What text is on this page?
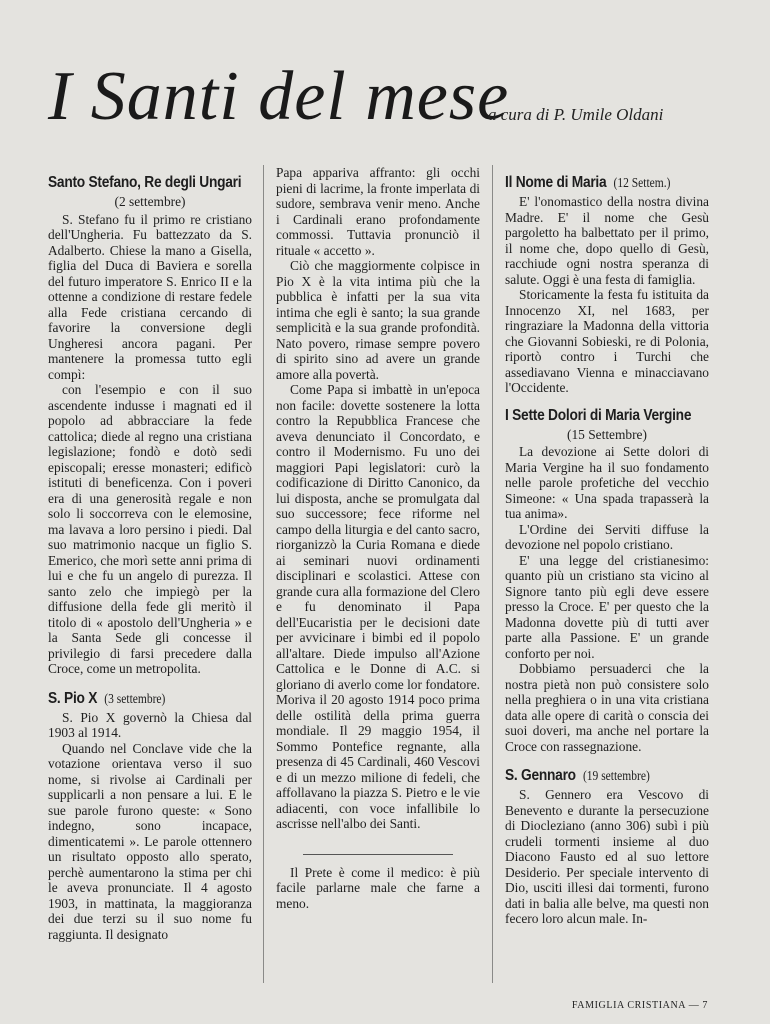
I Santi del mese
a cura di P. Umile Oldani
Santo Stefano, Re degli Ungari
(2 settembre)

S. Stefano fu il primo re cristiano dell'Ungheria. Fu battezzato da S. Adalberto. Chiese la mano a Gisella, figlia del Duca di Baviera e sorella del futuro imperatore S. Enrico II e la ottenne a condizione di restare fedele alla Fede cristiana cercando di favorire la conversione degli Ungheresi ancora pagani. Per mantenere la promessa tutto egli compì:

con l'esempio e con il suo ascendente indusse i magnati ed il popolo ad abbracciare la fede cattolica; diede al regno una cristiana legislazione; fondò e dotò sedi episcopali; eresse monasteri; edificò istituti di beneficenza. Con i poveri era di una generosità regale e non solo li soccorreva con le elemosine, ma lavava a loro persino i piedi. Dal suo matrimonio nacque un figlio S. Emerico, che morì sette anni prima di lui e che fu un angelo di purezza. Il santo zelo che impiegò per la diffusione della fede gli meritò il titolo di « apostolo dell'Ungheria » e la Santa Sede gli concesse il privilegio di farsi precedere dalla Croce, come un metropolita.

S. Pio X (3 settembre)

S. Pio X governò la Chiesa dal 1903 al 1914.

Quando nel Conclave vide che la votazione orientava verso il suo nome, si rivolse ai Cardinali per supplicarli a non pensare a lui. E le sue parole furono queste: « Sono indegno, sono incapace, dimenticatemi ». Le parole ottennero un risultato opposto allo sperato, perchè aumentarono la stima per chi le aveva pronunciate. Il 4 agosto 1903, in mattinata, la maggioranza dei due terzi su il suo nome fu raggiunta. Il designato

Papa appariva affranto: gli occhi pieni di lacrime, la fronte imperlata di sudore, sembrava venir meno. Anche i Cardinali erano profondamente commossi. Tuttavia pronunciò il rituale « accetto ».

Ciò che maggiormente colpisce in Pio X è la vita intima più che la pubblica è infatti per la sua vita intima che egli è santo; la sua grande semplicità e la sua grande profondità. Nato povero, rimase sempre povero di spirito sino ad avere un grande amore alla povertà.

Come Papa si imbattè in un'epoca non facile: dovette sostenere la lotta contro la Repubblica Francese che aveva denunciato il Concordato, e contro il Modernismo. Fu uno dei maggiori Papi legislatori: curò la codificazione di Diritto Canonico, da lui disposta, anche se promulgata dal suo successore; fece riforme nel campo della liturgia e del canto sacro, riorganizzò la Curia Romana e diede ai seminari nuovi ordinamenti disciplinari e scolastici. Attese con grande cura alla formazione del Clero e fu denominato il Papa dell'Eucaristia per le decisioni date per avvicinare i bimbi ed il popolo all'altare. Diede impulso all'Azione Cattolica e le Donne di A.C. si gloriano di averlo come lor fondatore. Moriva il 20 agosto 1914 poco prima delle ostilità della prima guerra mondiale. Il 29 maggio 1954, il Sommo Pontefice regnante, alla presenza di 45 Cardinali, 460 Vescovi e di un mezzo milione di fedeli, che affollavano la piazza S. Pietro e le vie adiacenti, con voce infallibile lo ascrisse nell'albo dei Santi.

Il Prete è come il medico: è più facile parlarne male che farne a meno.

Il Nome di Maria (12 Settem.)

E' l'onomastico della nostra divina Madre. E' il nome che Gesù pargoletto ha balbettato per il primo, il nome che, dopo quello di Gesù, racchiude ogni nostra speranza di salute. Oggi è una festa di famiglia.

Storicamente la festa fu istituita da Innocenzo XI, nel 1683, per ringraziare la Madonna della vittoria che Giovanni Sobieski, re di Polonia, riportò contro i Turchi che assediavano Vienna e minacciavano l'Occidente.

I Sette Dolori di Maria Vergine
(15 Settembre)

La devozione ai Sette dolori di Maria Vergine ha il suo fondamento nelle parole profetiche del vecchio Simeone: « Una spada trapasserà la tua anima».

L'Ordine dei Serviti diffuse la devozione nel popolo cristiano.

E' una legge del cristianesimo: quanto più un cristiano sta vicino al Signore tanto più egli deve essere presso la Croce. E' per questo che la Madonna dovette più di tutti aver parte alla Passione. E' un grande conforto per noi.

Dobbiamo persuaderci che la nostra pietà non può consistere solo nella preghiera o in una vita cristiana data alle opere di carità o conscia dei suoi doveri, ma anche nel portare la Croce con rassegnazione.

S. Gennaro (19 settembre)

S. Gennero era Vescovo di Benevento e durante la persecuzione di Diocleziano (anno 306) subì i più crudeli tormenti insieme al duo Diacono Fausto ed al suo lettore Desiderio. Per speciale intervento di Dio, usciti illesi dai tormenti, furono dati in balia alle belve, ma questi non fecero loro alcun male. In-

FAMIGLIA CRISTIANA — 7
